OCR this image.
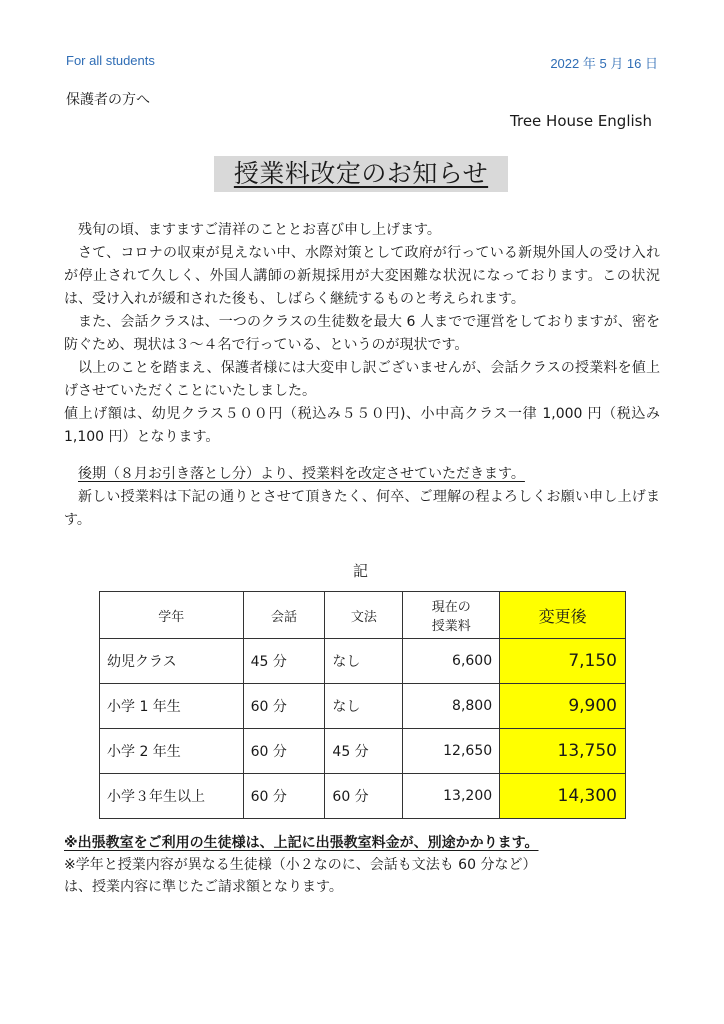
For all students	2022 年 5 月 16 日
保護者の方へ
Tree House English
授業料改定のお知らせ

残旬の頃、ますますご清祥のこととお喜び申し上げます。

さて、コロナの収束が見えない中、水際対策として政府が行っている新規外国人の受け入れが停止されて久しく、外国人講師の新規採用が大変困難な状況になっております。この状況は、受け入れが緩和された後も、しばらく継続するものと考えられます。

また、会話クラスは、一つのクラスの生徒数を最大 6 人までで運営をしておりますが、密を防ぐため、現状は３～４名で行っている、というのが現状です。

以上のことを踏まえ、保護者様には大変申し訳ございませんが、会話クラスの授業料を値上げさせていただくことにいたしました。

値上げ額は、幼児クラス５００円（税込み５５０円)、小中高クラス一律 1,000 円（税込み 1,100 円）となります。

後期（８月お引き落とし分）より、授業料を改定させていただきます。

新しい授業料は下記の通りとさせて頂きたく、何卒、ご理解の程よろしくお願い申し上げます。

記
学年	会話	文法	現在の
授業料	変更後
幼児クラス	45 分	なし	6,600	7,150
小学 1 年生	60 分	なし	8,800	9,900
小学 2 年生	60 分	45 分	12,650	13,750
小学３年生以上	60 分	60 分	13,200	14,300

※出張教室をご利用の生徒様は、上記に出張教室料金が、別途かかります。

※学年と授業内容が異なる生徒様（小２なのに、会話も文法も 60 分など）

は、授業内容に準じたご請求額となります。
